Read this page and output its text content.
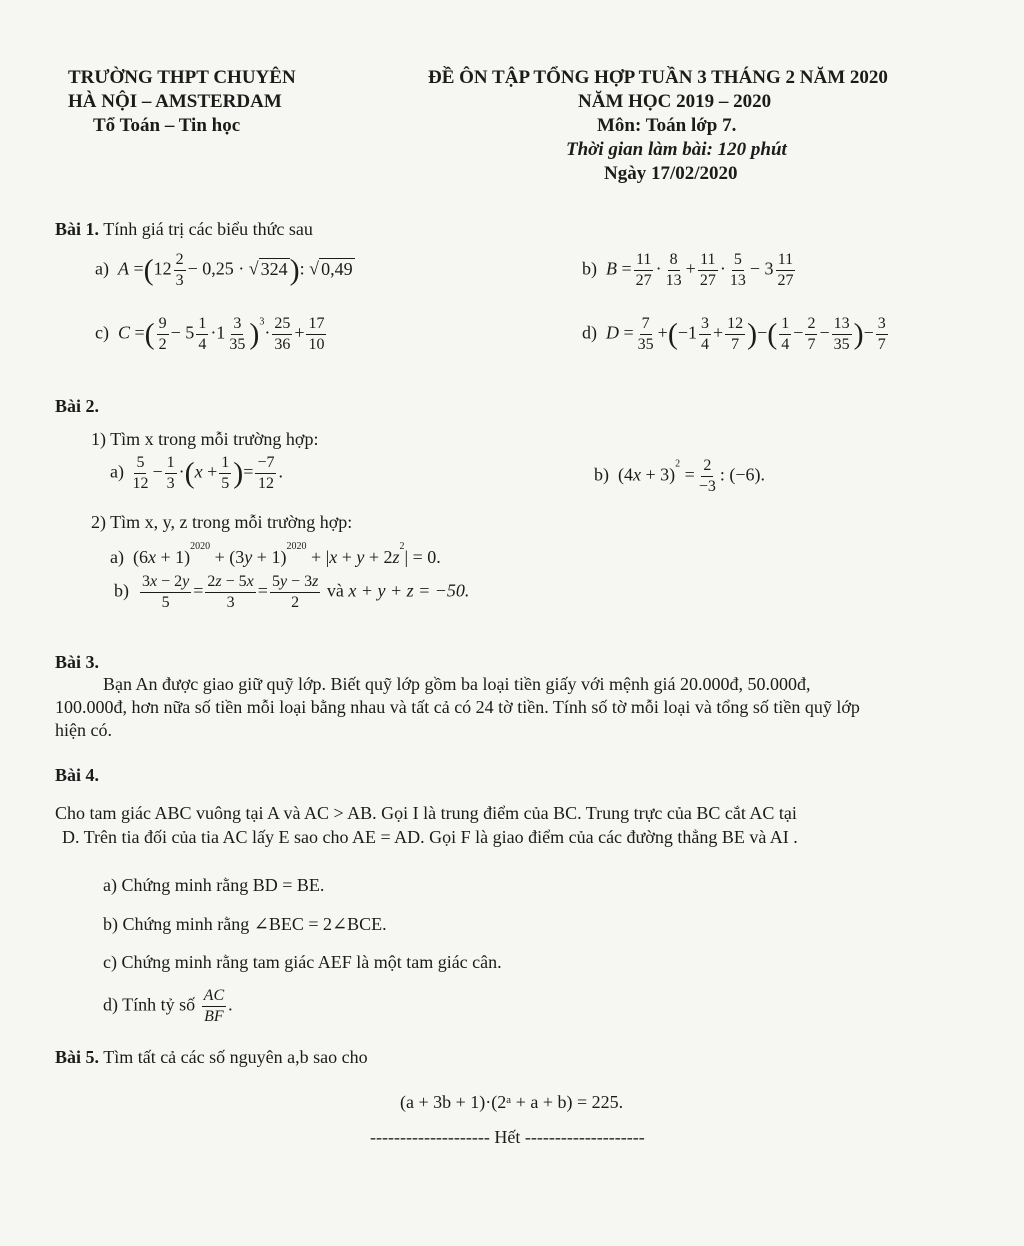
TRƯỜNG THPT CHUYÊN
HÀ NỘI – AMSTERDAM
Tổ Toán – Tin học
ĐỀ ÔN TẬP TỔNG HỢP TUẦN 3 THÁNG 2 NĂM 2020
NĂM HỌC 2019 – 2020
Môn: Toán lớp 7.
Thời gian làm bài: 120 phút
Ngày 17/02/2020
Bài 1. Tính giá trị các biểu thức sau
a)  $A =(12 \frac{2}{3} - 0,25$ · √ 324): √ 0,49	b)  $B = \frac{11}{27} \cdot \frac{8}{13} + \frac{11}{27} \cdot \frac{5}{13} - 3 \frac{11}{27}$
c)  C =( $\frac{9}{2} - 5 \frac{1}{4} \cdot 1 \frac{3}{35} )^3\cdot \frac{25}{36} + \frac{17}{10}$	d)  $D = \frac{7}{35} +(-1 \frac{3}{4} + \frac{12}{7}$ )−( $\frac{1}{4} - \frac{2}{7} - \frac{13}{35}$ )− $\frac{3}{7}$
Bài 2.
1) Tìm x trong mỗi trường hợp:
$a) \frac{5}{12} - \frac{1}{3} \cdot(x + \frac{1}{5}$ )= $\frac{-7}{12}$ .	b)  $(4x + 3)^2 = \frac{2}{-3}$ : (−6).
2) Tìm x, y, z trong mỗi trường hợp:
a)  $(6x + 1)^{2020} + (3y + 1)^{2020} + |x + y + 2z^2| = 0$.
$b) \frac{3x - 2y}{5} = \frac{2z - 5x}{3} = \frac{5y - 3z}{2}$ và x + y + z = −50.
Bài 3.
Bạn An được giao giữ quỹ lớp. Biết quỹ lớp gồm ba loại tiền giấy với mệnh giá 20.000đ, 50.000đ,
100.000đ, hơn nữa số tiền mỗi loại bằng nhau và tất cả có 24 tờ tiền. Tính số tờ mỗi loại và tổng số tiền quỹ lớp
hiện có.
Bài 4.
Cho tam giác ABC vuông tại A và AC > AB. Gọi I là trung điểm của BC. Trung trực của BC cắt AC tại
D. Trên tia đối của tia AC lấy E sao cho AE = AD. Gọi F là giao điểm của các đường thẳng BE và AI .
a) Chứng minh rằng BD = BE.
b) Chứng minh rằng ∠BEC = 2∠BCE.
c) Chứng minh rằng tam giác AEF là một tam giác cân.
d) Tính tỷ số $\frac{AC}{BF}$ .
Bài 5. Tìm tất cả các số nguyên a,b sao cho
(a + 3b + 1)·(2ᵃ + a + b) = 225.
-------------------- Hết --------------------
